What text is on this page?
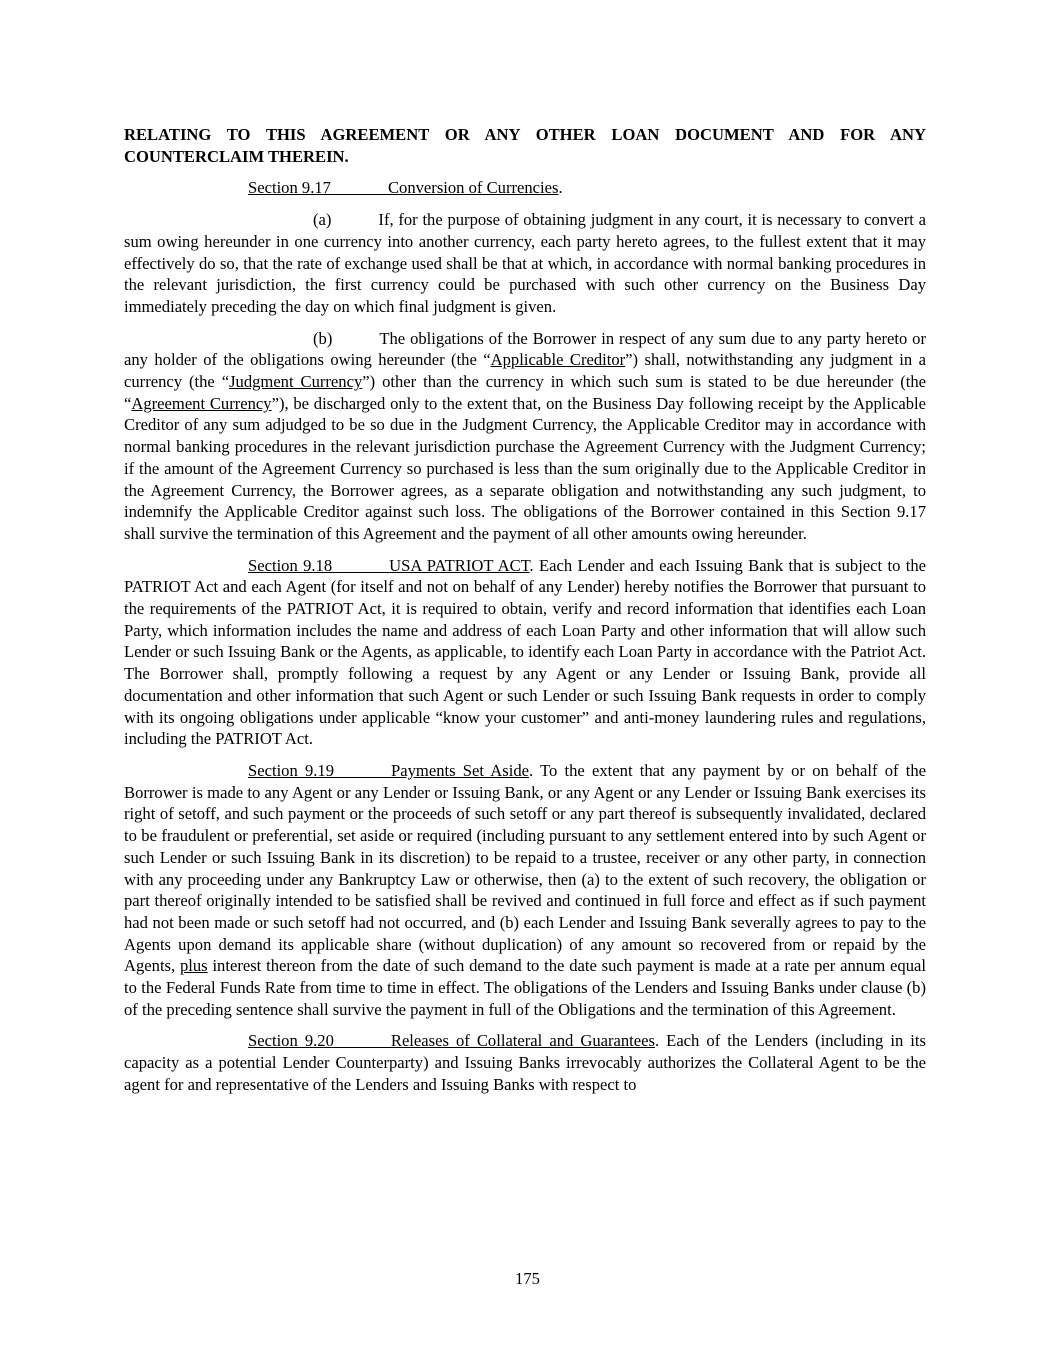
RELATING TO THIS AGREEMENT OR ANY OTHER LOAN DOCUMENT AND FOR ANY COUNTERCLAIM THEREIN.

Section 9.17	Conversion of Currencies.

(a)	If, for the purpose of obtaining judgment in any court, it is necessary to convert a sum owing hereunder in one currency into another currency, each party hereto agrees, to the fullest extent that it may effectively do so, that the rate of exchange used shall be that at which, in accordance with normal banking procedures in the relevant jurisdiction, the first currency could be purchased with such other currency on the Business Day immediately preceding the day on which final judgment is given.

(b)	The obligations of the Borrower in respect of any sum due to any party hereto or any holder of the obligations owing hereunder (the “Applicable Creditor”) shall, notwithstanding any judgment in a currency (the “Judgment Currency”) other than the currency in which such sum is stated to be due hereunder (the “Agreement Currency”), be discharged only to the extent that, on the Business Day following receipt by the Applicable Creditor of any sum adjudged to be so due in the Judgment Currency, the Applicable Creditor may in accordance with normal banking procedures in the relevant jurisdiction purchase the Agreement Currency with the Judgment Currency; if the amount of the Agreement Currency so purchased is less than the sum originally due to the Applicable Creditor in the Agreement Currency, the Borrower agrees, as a separate obligation and notwithstanding any such judgment, to indemnify the Applicable Creditor against such loss. The obligations of the Borrower contained in this Section 9.17 shall survive the termination of this Agreement and the payment of all other amounts owing hereunder.

Section 9.18	USA PATRIOT ACT. Each Lender and each Issuing Bank that is subject to the PATRIOT Act and each Agent (for itself and not on behalf of any Lender) hereby notifies the Borrower that pursuant to the requirements of the PATRIOT Act, it is required to obtain, verify and record information that identifies each Loan Party, which information includes the name and address of each Loan Party and other information that will allow such Lender or such Issuing Bank or the Agents, as applicable, to identify each Loan Party in accordance with the Patriot Act. The Borrower shall, promptly following a request by any Agent or any Lender or Issuing Bank, provide all documentation and other information that such Agent or such Lender or such Issuing Bank requests in order to comply with its ongoing obligations under applicable “know your customer” and anti-money laundering rules and regulations, including the PATRIOT Act.

Section 9.19	Payments Set Aside. To the extent that any payment by or on behalf of the Borrower is made to any Agent or any Lender or Issuing Bank, or any Agent or any Lender or Issuing Bank exercises its right of setoff, and such payment or the proceeds of such setoff or any part thereof is subsequently invalidated, declared to be fraudulent or preferential, set aside or required (including pursuant to any settlement entered into by such Agent or such Lender or such Issuing Bank in its discretion) to be repaid to a trustee, receiver or any other party, in connection with any proceeding under any Bankruptcy Law or otherwise, then (a) to the extent of such recovery, the obligation or part thereof originally intended to be satisfied shall be revived and continued in full force and effect as if such payment had not been made or such setoff had not occurred, and (b) each Lender and Issuing Bank severally agrees to pay to the Agents upon demand its applicable share (without duplication) of any amount so recovered from or repaid by the Agents, plus interest thereon from the date of such demand to the date such payment is made at a rate per annum equal to the Federal Funds Rate from time to time in effect. The obligations of the Lenders and Issuing Banks under clause (b) of the preceding sentence shall survive the payment in full of the Obligations and the termination of this Agreement.

Section 9.20	Releases of Collateral and Guarantees. Each of the Lenders (including in its capacity as a potential Lender Counterparty) and Issuing Banks irrevocably authorizes the Collateral Agent to be the agent for and representative of the Lenders and Issuing Banks with respect to

175
